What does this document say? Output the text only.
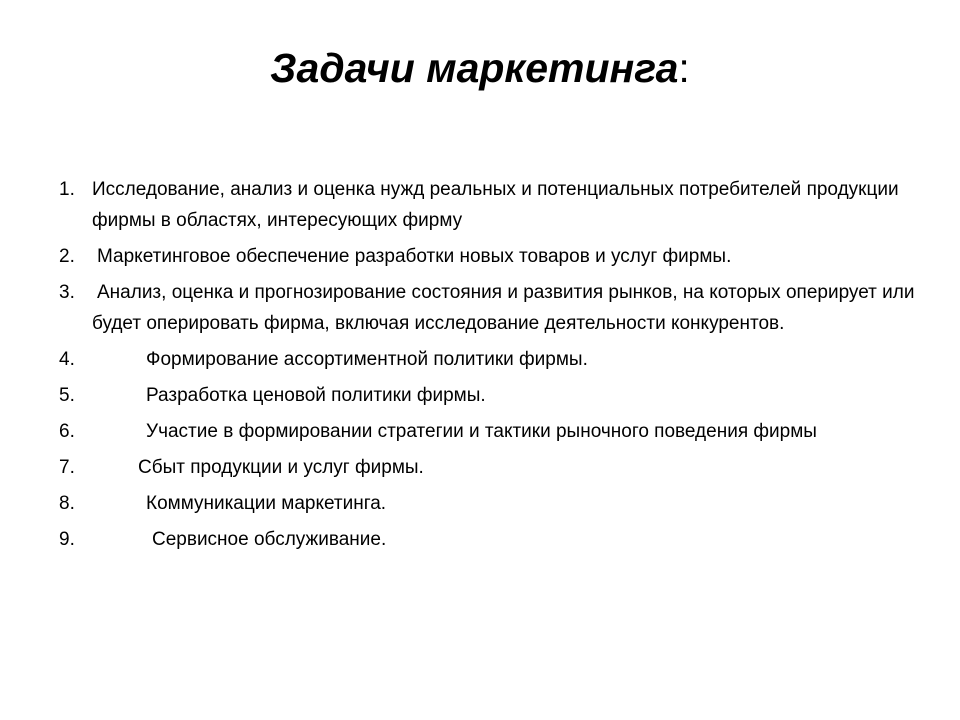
Задачи маркетинга:
1. Исследование, анализ и оценка нужд реальных и потенциальных потребителей продукции фирмы в областях, интересующих фирму
2. Маркетинговое обеспечение разработки новых товаров и услуг фирмы.
3. Анализ, оценка и прогнозирование состояния и развития рынков, на которых оперирует или будет оперировать фирма, включая исследование деятельности конкурентов.
4.	Формирование ассортиментной политики фирмы.
5.	Разработка ценовой политики фирмы.
6.	Участие в формировании стратегии и тактики рыночного поведения фирмы
7.	Сбыт продукции и услуг фирмы.
8.	Коммуникации маркетинга.
9.	Сервисное обслуживание.
